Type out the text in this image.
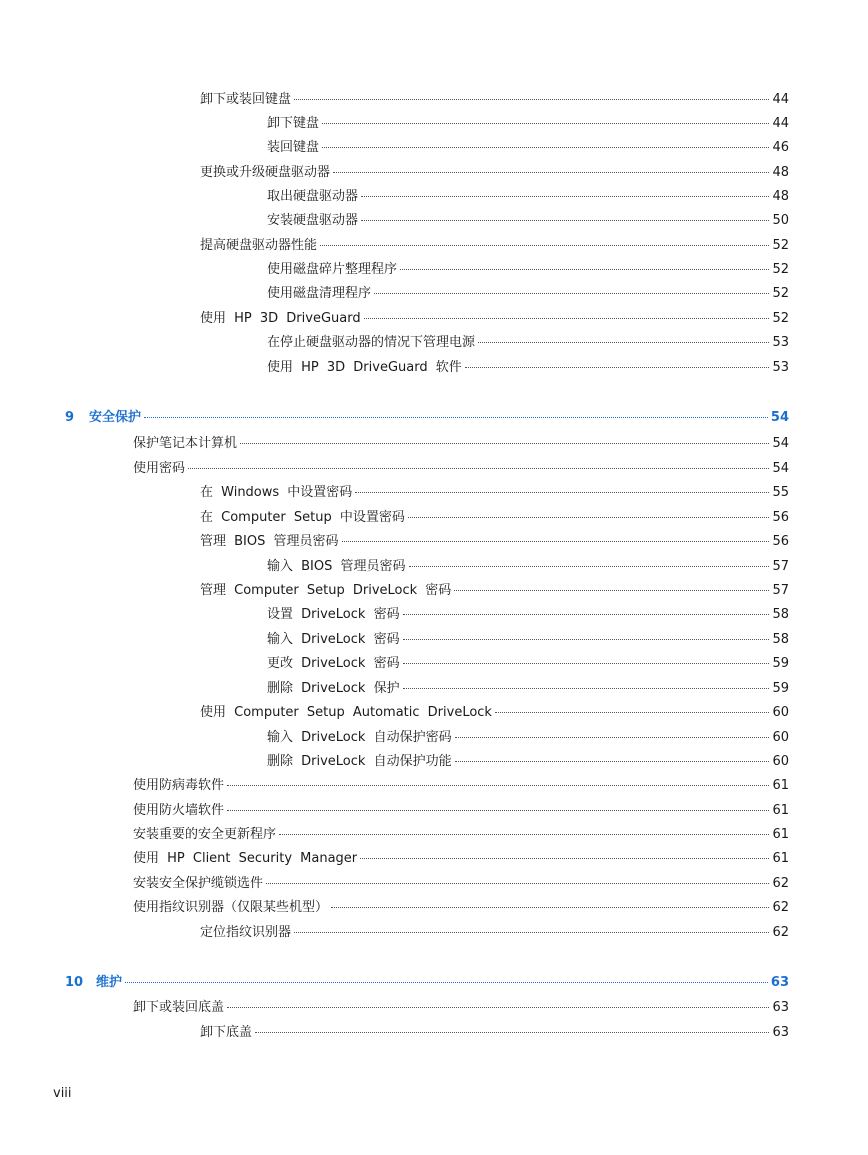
卸下或装回键盘	44
卸下键盘	44
装回键盘	46
更换或升级硬盘驱动器	48
取出硬盘驱动器	48
安装硬盘驱动器	50
提高硬盘驱动器性能	52
使用磁盘碎片整理程序	52
使用磁盘清理程序	52
使用 HP 3D DriveGuard	52
在停止硬盘驱动器的情况下管理电源	53
使用 HP 3D DriveGuard 软件	53
9	安全保护	54
保护笔记本计算机	54
使用密码	54
在 Windows 中设置密码	55
在 Computer Setup 中设置密码	56
管理 BIOS 管理员密码	56
输入 BIOS 管理员密码	57
管理 Computer Setup DriveLock 密码	57
设置 DriveLock 密码	58
输入 DriveLock 密码	58
更改 DriveLock 密码	59
删除 DriveLock 保护	59
使用 Computer Setup Automatic DriveLock	60
输入 DriveLock 自动保护密码	60
删除 DriveLock 自动保护功能	60
使用防病毒软件	61
使用防火墙软件	61
安装重要的安全更新程序	61
使用 HP Client Security Manager	61
安装安全保护缆锁选件	62
使用指纹识别器（仅限某些机型）	62
定位指纹识别器	62
10 维护	63
卸下或装回底盖	63
卸下底盖	63
viii
